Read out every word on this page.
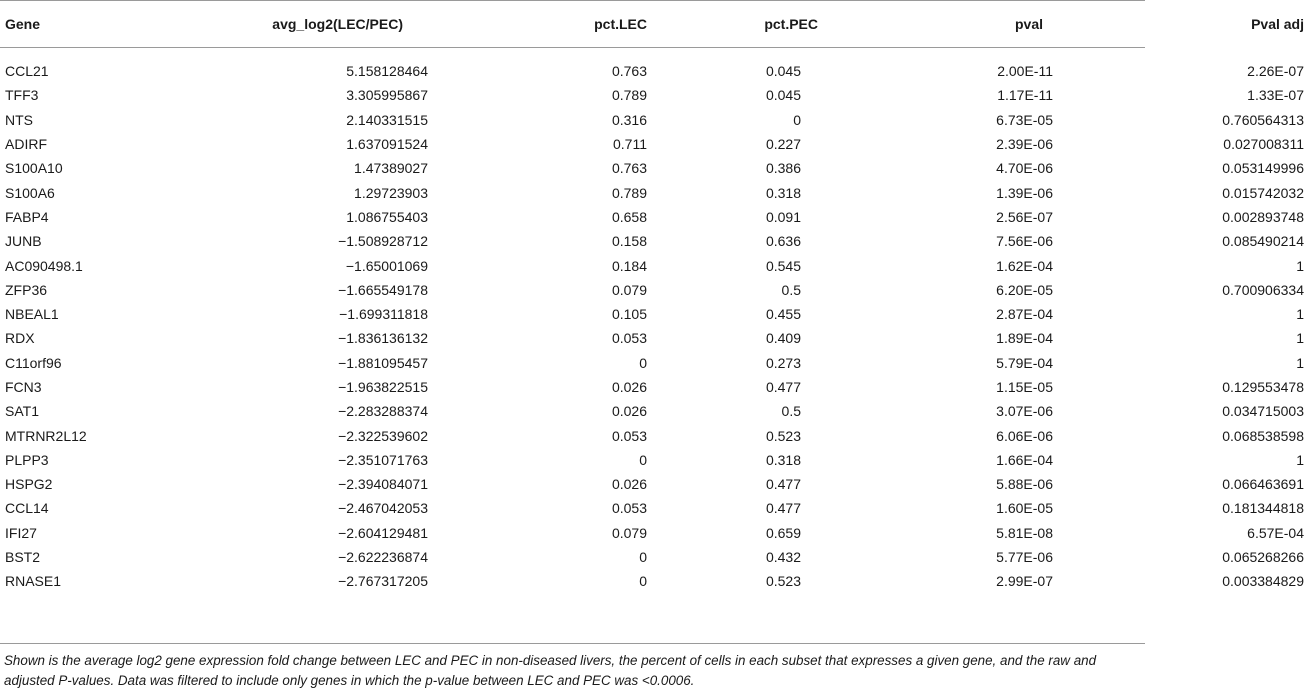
Gene	avg_log2(LEC/PEC)	pct.LEC	pct.PEC	pval	Pval adj
CCL21	5.158128464	0.763	0.045	2.00E-11	2.26E-07
TFF3	3.305995867	0.789	0.045	1.17E-11	1.33E-07
NTS	2.140331515	0.316	0	6.73E-05	0.760564313
ADIRF	1.637091524	0.711	0.227	2.39E-06	0.027008311
S100A10	1.47389027	0.763	0.386	4.70E-06	0.053149996
S100A6	1.29723903	0.789	0.318	1.39E-06	0.015742032
FABP4	1.086755403	0.658	0.091	2.56E-07	0.002893748
JUNB	−1.508928712	0.158	0.636	7.56E-06	0.085490214
AC090498.1	−1.65001069	0.184	0.545	1.62E-04	1
ZFP36	−1.665549178	0.079	0.5	6.20E-05	0.700906334
NBEAL1	−1.699311818	0.105	0.455	2.87E-04	1
RDX	−1.836136132	0.053	0.409	1.89E-04	1
C11orf96	−1.881095457	0	0.273	5.79E-04	1
FCN3	−1.963822515	0.026	0.477	1.15E-05	0.129553478
SAT1	−2.283288374	0.026	0.5	3.07E-06	0.034715003
MTRNR2L12	−2.322539602	0.053	0.523	6.06E-06	0.068538598
PLPP3	−2.351071763	0	0.318	1.66E-04	1
HSPG2	−2.394084071	0.026	0.477	5.88E-06	0.066463691
CCL14	−2.467042053	0.053	0.477	1.60E-05	0.181344818
IFI27	−2.604129481	0.079	0.659	5.81E-08	6.57E-04
BST2	−2.622236874	0	0.432	5.77E-06	0.065268266
RNASE1	−2.767317205	0	0.523	2.99E-07	0.003384829
Shown is the average log2 gene expression fold change between LEC and PEC in non-diseased livers, the percent of cells in each subset that expresses a given gene, and the raw and adjusted P-values. Data was filtered to include only genes in which the p-value between LEC and PEC was <0.0006.
